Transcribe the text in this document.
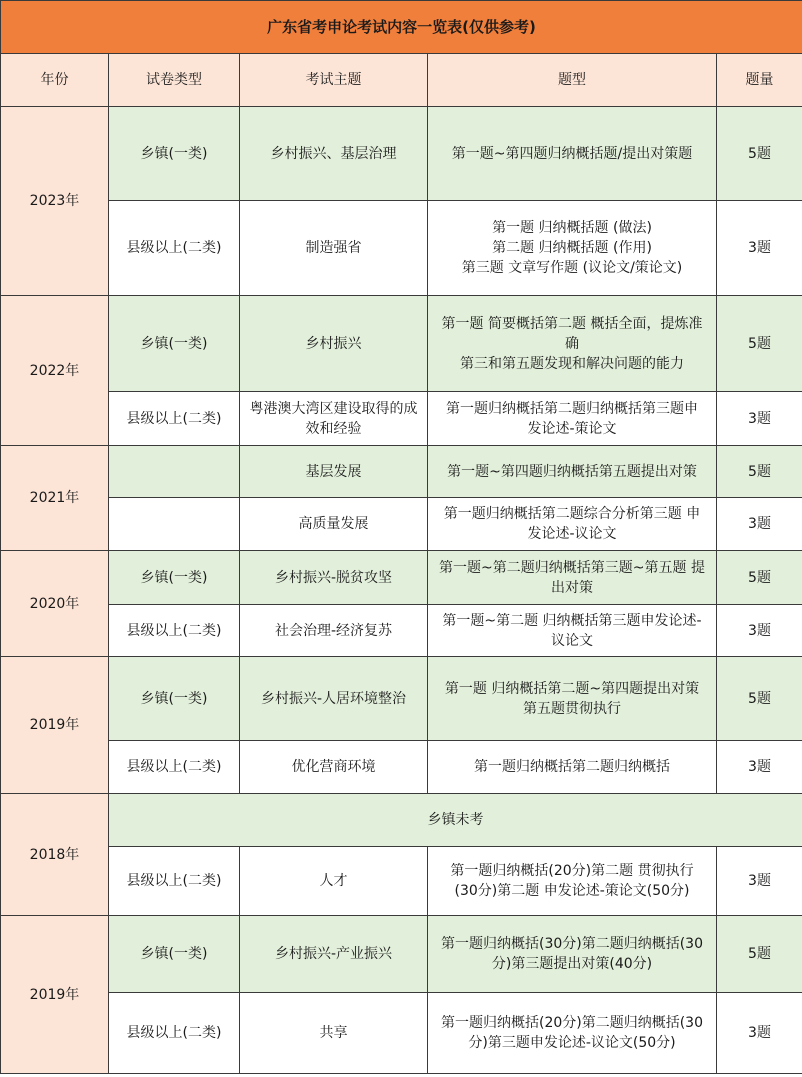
广东省考申论考试内容一览表(仅供参考)				
年份	试卷类型	考试主题	题型	题量
2023年	乡镇(一类)	乡村振兴、基层治理	第一题~第四题归纳概括题/提出对策题	5题
	县级以上(二类)	制造强省	第一题 归纳概括题 (做法)
第二题 归纳概括题 (作用)
第三题 文章写作题 (议论文/策论文)	3题
2022年	乡镇(一类)	乡村振兴	第一题 简要概括第二题 概括全面，提炼准
确
第三和第五题发现和解决问题的能力	5题
	县级以上(二类)	粤港澳大湾区建设取得的成
效和经验	第一题归纳概括第二题归纳概括第三题申
发论述-策论文	3题
2021年		基层发展	第一题~第四题归纳概括第五题提出对策	5题
		高质量发展	第一题归纳概括第二题综合分析第三题 申
发论述-议论文	3题
2020年	乡镇(一类)	乡村振兴-脱贫攻坚	第一题~第二题归纳概括第三题~第五题 提
出对策	5题
	县级以上(二类)	社会治理-经济复苏	第一题~第二题 归纳概括第三题申发论述-
议论文	3题
2019年	乡镇(一类)	乡村振兴-人居环境整治	第一题 归纳概括第二题~第四题提出对策
第五题贯彻执行	5题
	县级以上(二类)	优化营商环境	第一题归纳概括第二题归纳概括	3题
2018年	乡镇未考			
	县级以上(二类)	人才	第一题归纳概括(20分)第二题 贯彻执行
(30分)第二题 申发论述-策论文(50分)	3题
2019年	乡镇(一类)	乡村振兴-产业振兴	第一题归纳概括(30分)第二题归纳概括(30
分)第三题提出对策(40分)	5题
	县级以上(二类)	共享	第一题归纳概括(20分)第二题归纳概括(30
分)第三题申发论述-议论文(50分)	3题
